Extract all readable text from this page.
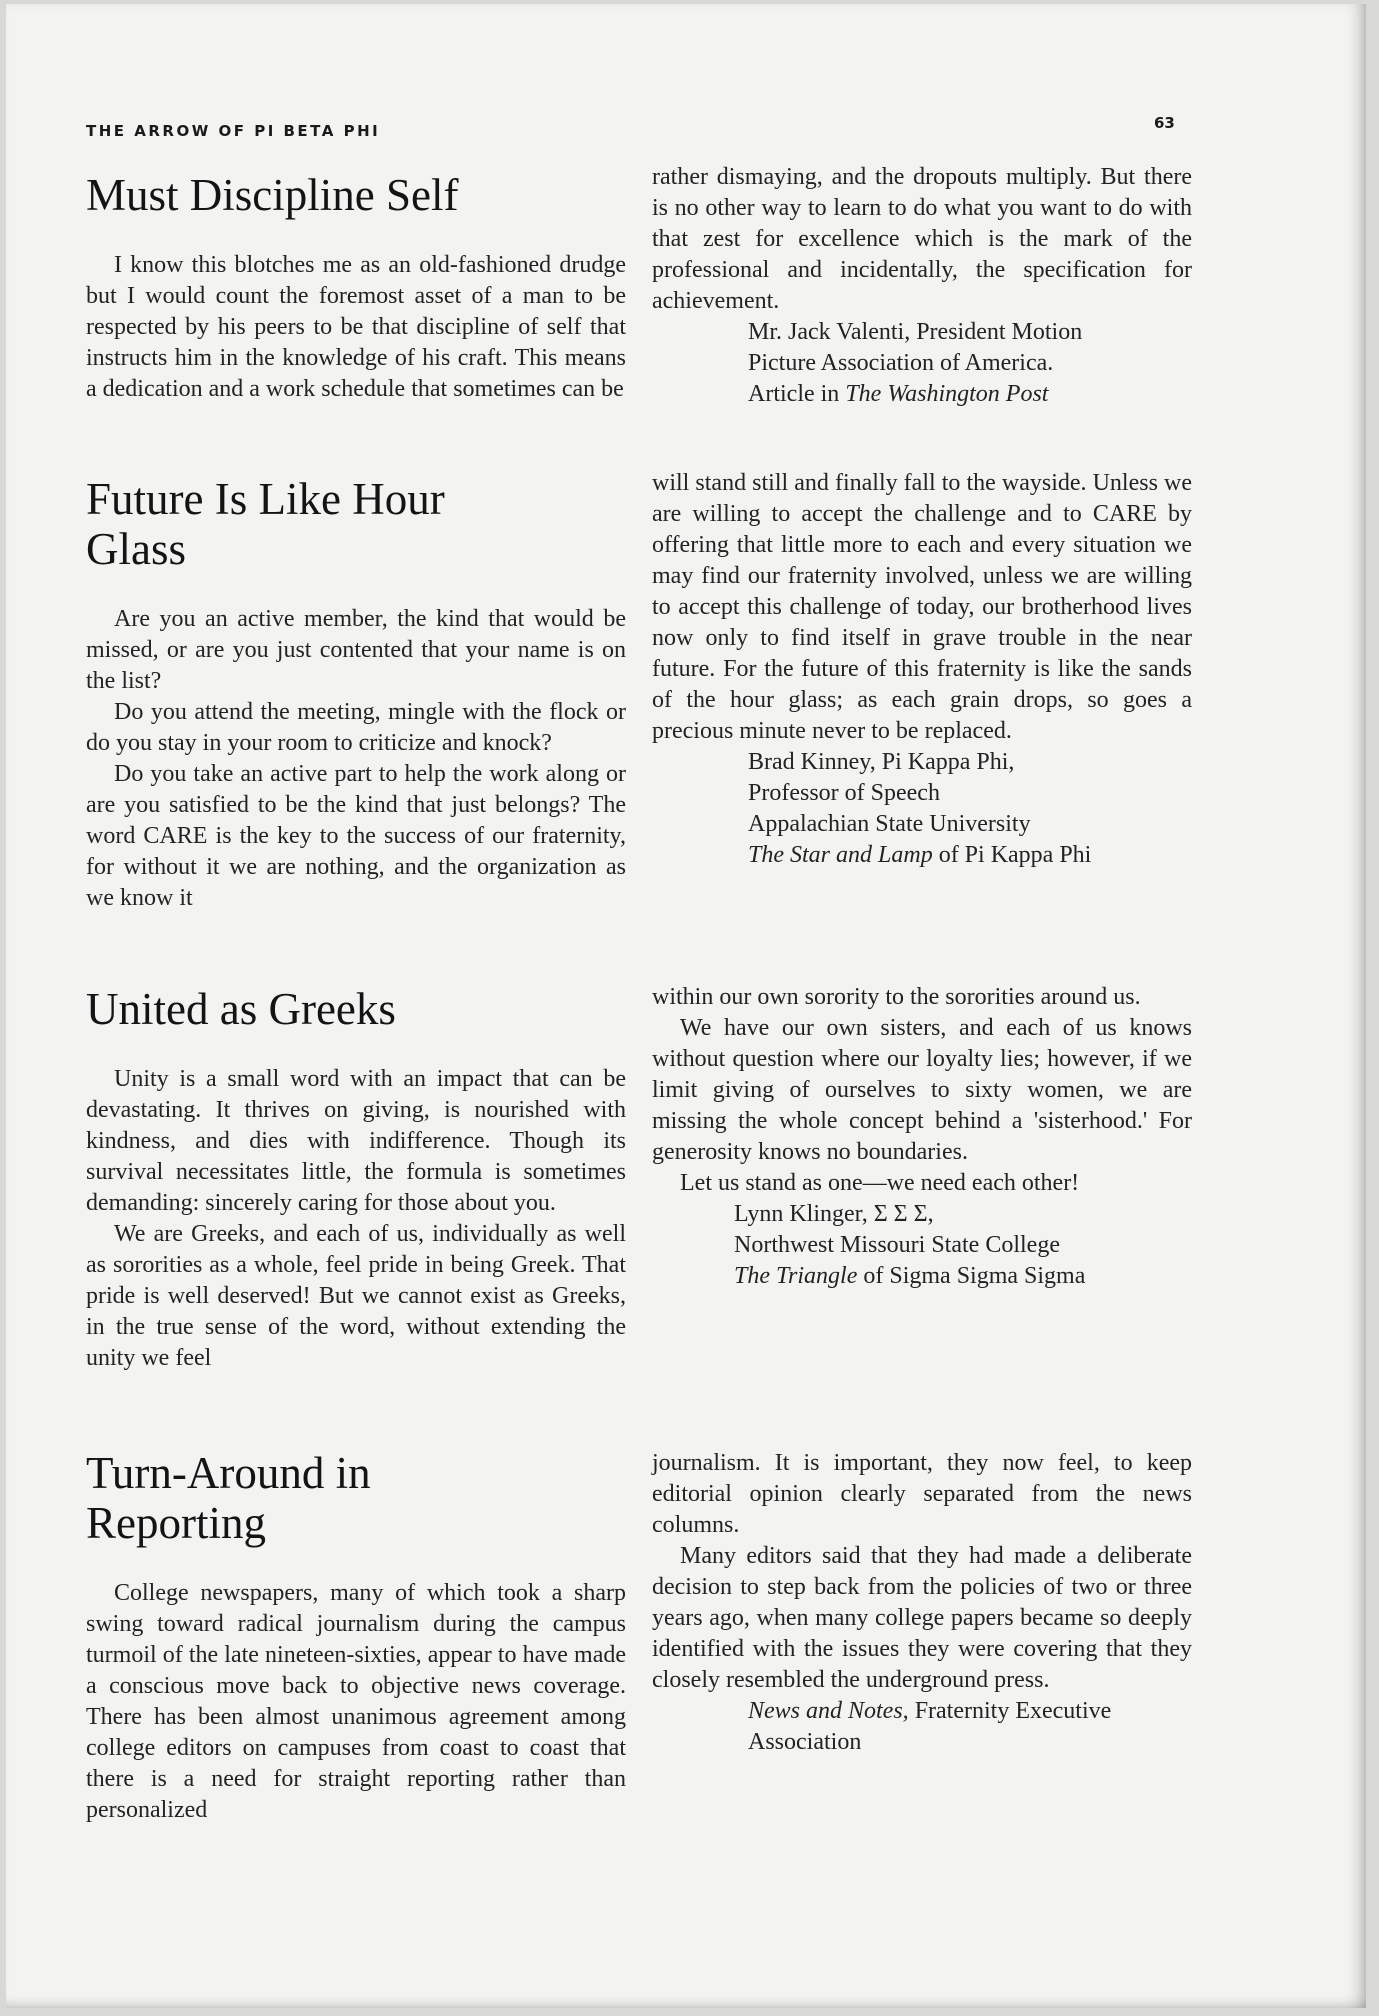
THE ARROW OF PI BETA PHI	63
Must Discipline Self

I know this blotches me as an old-fashioned drudge but I would count the foremost asset of a man to be respected by his peers to be that discipline of self that instructs him in the knowledge of his craft. This means a dedication and a work schedule that sometimes can be

rather dismaying, and the dropouts multiply. But there is no other way to learn to do what you want to do with that zest for excellence which is the mark of the professional and incidentally, the specification for achievement.

Mr. Jack Valenti, President Motion
Picture Association of America.
Article in The Washington Post
Future Is Like Hour Glass

Are you an active member, the kind that would be missed, or are you just contented that your name is on the list?

Do you attend the meeting, mingle with the flock or do you stay in your room to criticize and knock?

Do you take an active part to help the work along or are you satisfied to be the kind that just belongs? The word CARE is the key to the success of our fraternity, for without it we are nothing, and the organization as we know it

will stand still and finally fall to the wayside. Unless we are willing to accept the challenge and to CARE by offering that little more to each and every situation we may find our fraternity involved, unless we are willing to accept this challenge of today, our brotherhood lives now only to find itself in grave trouble in the near future. For the future of this fraternity is like the sands of the hour glass; as each grain drops, so goes a precious minute never to be replaced.

Brad Kinney, Pi Kappa Phi,
Professor of Speech
Appalachian State University
The Star and Lamp of Pi Kappa Phi
United as Greeks

Unity is a small word with an impact that can be devastating. It thrives on giving, is nourished with kindness, and dies with indifference. Though its survival necessitates little, the formula is sometimes demanding: sincerely caring for those about you.

We are Greeks, and each of us, individually as well as sororities as a whole, feel pride in being Greek. That pride is well deserved! But we cannot exist as Greeks, in the true sense of the word, without extending the unity we feel

within our own sorority to the sororities around us.

We have our own sisters, and each of us knows without question where our loyalty lies; however, if we limit giving of ourselves to sixty women, we are missing the whole concept behind a 'sisterhood.' For generosity knows no boundaries.

Let us stand as one—we need each other!

Lynn Klinger, Σ Σ Σ,
Northwest Missouri State College
The Triangle of Sigma Sigma Sigma
Turn-Around in Reporting

College newspapers, many of which took a sharp swing toward radical journalism during the campus turmoil of the late nineteen-sixties, appear to have made a conscious move back to objective news coverage. There has been almost unanimous agreement among college editors on campuses from coast to coast that there is a need for straight reporting rather than personalized

journalism. It is important, they now feel, to keep editorial opinion clearly separated from the news columns.

Many editors said that they had made a deliberate decision to step back from the policies of two or three years ago, when many college papers became so deeply identified with the issues they were covering that they closely resembled the underground press.

News and Notes, Fraternity Executive
Association
